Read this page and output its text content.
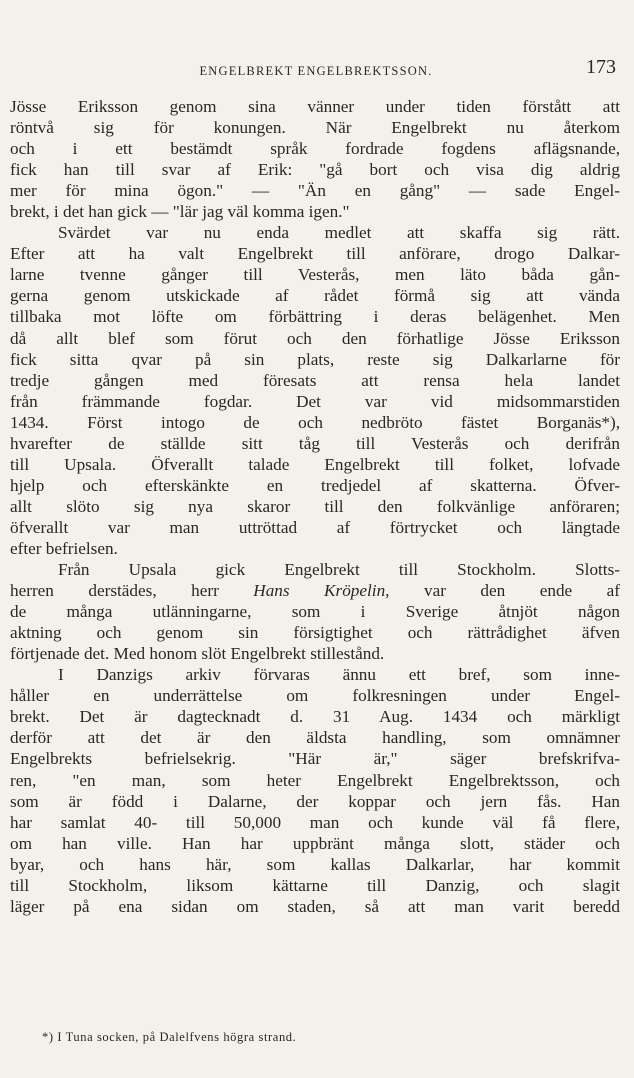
ENGELBREKT ENGELBREKTSSON.	173
Jösse Eriksson genom sina vänner under tiden förstått att
röntvå sig för konungen. När Engelbrekt nu återkom
och i ett bestämdt språk fordrade fogdens aflägsnande,
fick han till svar af Erik: "gå bort och visa dig aldrig
mer för mina ögon." — "Än en gång" — sade Engel-
brekt, i det han gick — "lär jag väl komma igen."
Svärdet var nu enda medlet att skaffa sig rätt.
Efter att ha valt Engelbrekt till anförare, drogo Dalkar-
larne tvenne gånger till Vesterås, men läto båda gån-
gerna genom utskickade af rådet förmå sig att vända
tillbaka mot löfte om förbättring i deras belägenhet. Men
då allt blef som förut och den förhatlige Jösse Eriksson
fick sitta qvar på sin plats, reste sig Dalkarlarne för
tredje gången med föresats att rensa hela landet
från främmande fogdar. Det var vid midsommarstiden
1434. Först intogo de och nedbröto fästet Borganäs*),
hvarefter de ställde sitt tåg till Vesterås och derifrån
till Upsala. Öfverallt talade Engelbrekt till folket, lofvade
hjelp och efterskänkte en tredjedel af skatterna. Öfver-
allt slöto sig nya skaror till den folkvänlige anföraren;
öfverallt var man uttröttad af förtrycket och längtade
efter befrielsen.
Från Upsala gick Engelbrekt till Stockholm. Slotts-
herren derstädes, herr Hans Kröpelin, var den ende af
de många utlänningarne, som i Sverige åtnjöt någon
aktning och genom sin försigtighet och rättrådighet äfven
förtjenade det. Med honom slöt Engelbrekt stillestånd.
I Danzigs arkiv förvaras ännu ett bref, som inne-
håller en underrättelse om folkresningen under Engel-
brekt. Det är dagtecknadt d. 31 Aug. 1434 och märkligt
derför att det är den äldsta handling, som omnämner
Engelbrekts befrielsekrig. "Här är," säger brefskrifva-
ren, "en man, som heter Engelbrekt Engelbrektsson, och
som är född i Dalarne, der koppar och jern fås. Han
har samlat 40- till 50,000 man och kunde väl få flere,
om han ville. Han har uppbränt många slott, städer och
byar, och hans här, som kallas Dalkarlar, har kommit
till Stockholm, liksom kättarne till Danzig, och slagit
läger på ena sidan om staden, så att man varit beredd
*) I Tuna socken, på Dalelfvens högra strand.
